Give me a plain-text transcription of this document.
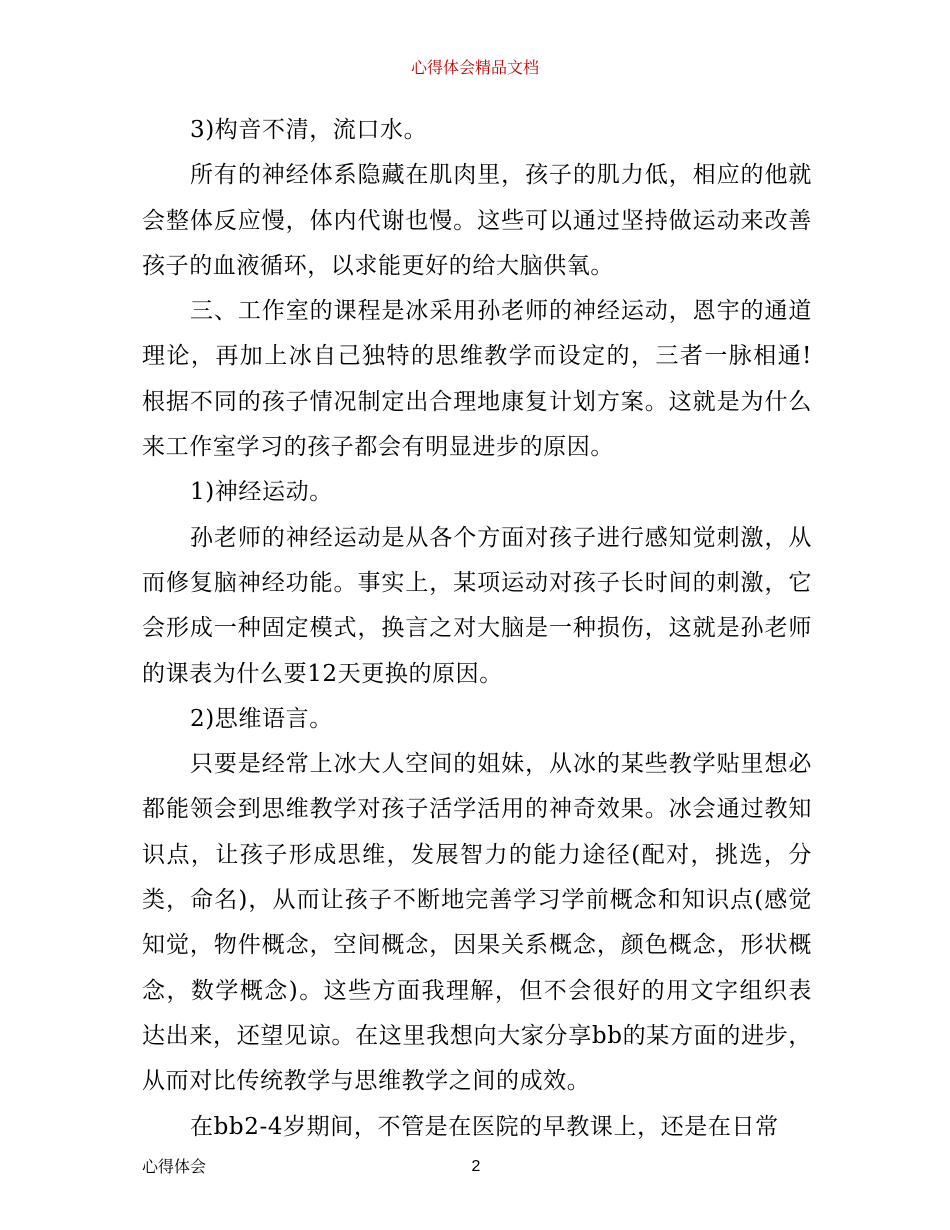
心得体会精品文档

3)构音不清，流口水。

所有的神经体系隐藏在肌肉里，孩子的肌力低，相应的他就会整体反应慢，体内代谢也慢。这些可以通过坚持做运动来改善孩子的血液循环，以求能更好的给大脑供氧。

三、工作室的课程是冰采用孙老师的神经运动，恩宇的通道理论，再加上冰自己独特的思维教学而设定的，三者一脉相通!根据不同的孩子情况制定出合理地康复计划方案。这就是为什么来工作室学习的孩子都会有明显进步的原因。

1)神经运动。

孙老师的神经运动是从各个方面对孩子进行感知觉刺激，从而修复脑神经功能。事实上，某项运动对孩子长时间的刺激，它会形成一种固定模式，换言之对大脑是一种损伤，这就是孙老师的课表为什么要12天更换的原因。

2)思维语言。

只要是经常上冰大人空间的姐妹，从冰的某些教学贴里想必都能领会到思维教学对孩子活学活用的神奇效果。冰会通过教知识点，让孩子形成思维，发展智力的能力途径(配对，挑选，分类，命名)，从而让孩子不断地完善学习学前概念和知识点(感觉知觉，物件概念，空间概念，因果关系概念，颜色概念，形状概念，数学概念)。这些方面我理解，但不会很好的用文字组织表达出来，还望见谅。在这里我想向大家分享bb的某方面的进步，从而对比传统教学与思维教学之间的成效。

在bb2-4岁期间，不管是在医院的早教课上，还是在日常

心得体会	2
